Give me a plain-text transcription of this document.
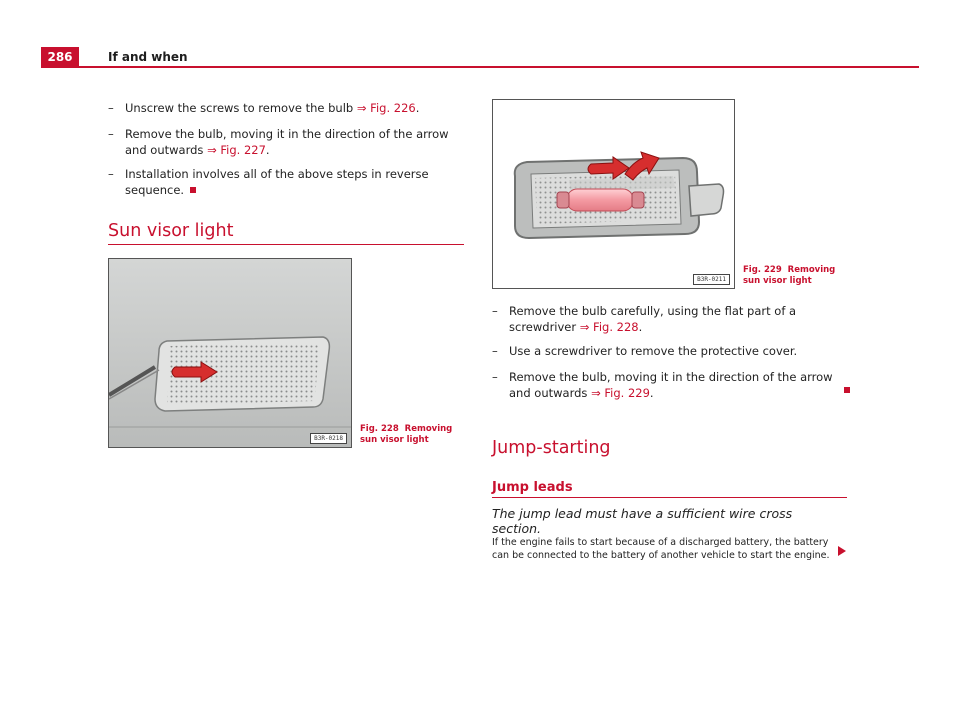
286	If and when
– Unscrew the screws to remove the bulb ⇒ Fig. 226.
– Remove the bulb, moving it in the direction of the arrow and outwards ⇒ Fig. 227.
– Installation involves all of the above steps in reverse sequence.
Sun visor light
B3R-0218
Fig. 228 Removing sun visor light
B3R-0211
Fig. 229 Removing sun visor light
– Remove the bulb carefully, using the flat part of a screwdriver ⇒ Fig. 228.
– Use a screwdriver to remove the protective cover.
– Remove the bulb, moving it in the direction of the arrow and outwards ⇒ Fig. 229.
Jump-starting
Jump leads
The jump lead must have a sufficient wire cross section.
If the engine fails to start because of a discharged battery, the battery can be connected to the battery of another vehicle to start the engine.
